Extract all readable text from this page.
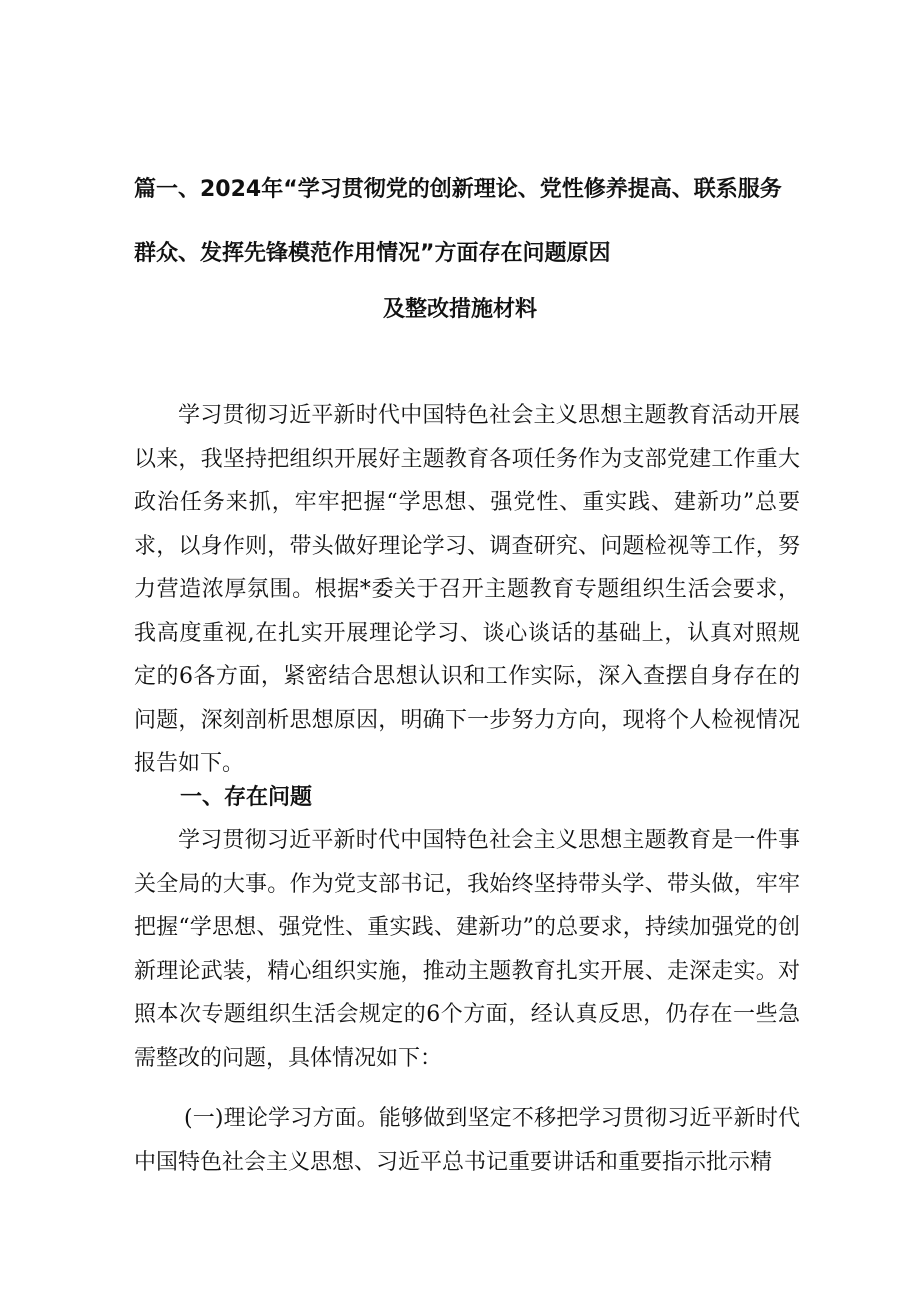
篇一、2024年“学习贯彻党的创新理论、党性修养提高、联系服务
群众、发挥先锋模范作用情况”方面存在问题原因
及整改措施材料

学习贯彻习近平新时代中国特色社会主义思想主题教育活动开展以来，我坚持把组织开展好主题教育各项任务作为支部党建工作重大政治任务来抓，牢牢把握“学思想、强党性、重实践、建新功”总要求，以身作则，带头做好理论学习、调查研究、问题检视等工作，努力营造浓厚氛围。根据*委关于召开主题教育专题组织生活会要求，我高度重视,在扎实开展理论学习、谈心谈话的基础上，认真对照规定的6各方面，紧密结合思想认识和工作实际，深入查摆自身存在的问题，深刻剖析思想原因，明确下一步努力方向，现将个人检视情况报告如下。

一、存在问题

学习贯彻习近平新时代中国特色社会主义思想主题教育是一件事关全局的大事。作为党支部书记，我始终坚持带头学、带头做，牢牢把握“学思想、强党性、重实践、建新功”的总要求，持续加强党的创新理论武装，精心组织实施，推动主题教育扎实开展、走深走实。对照本次专题组织生活会规定的6个方面，经认真反思，仍存在一些急需整改的问题，具体情况如下：

(一)理论学习方面。能够做到坚定不移把学习贯彻习近平新时代中国特色社会主义思想、习近平总书记重要讲话和重要指示批示精
